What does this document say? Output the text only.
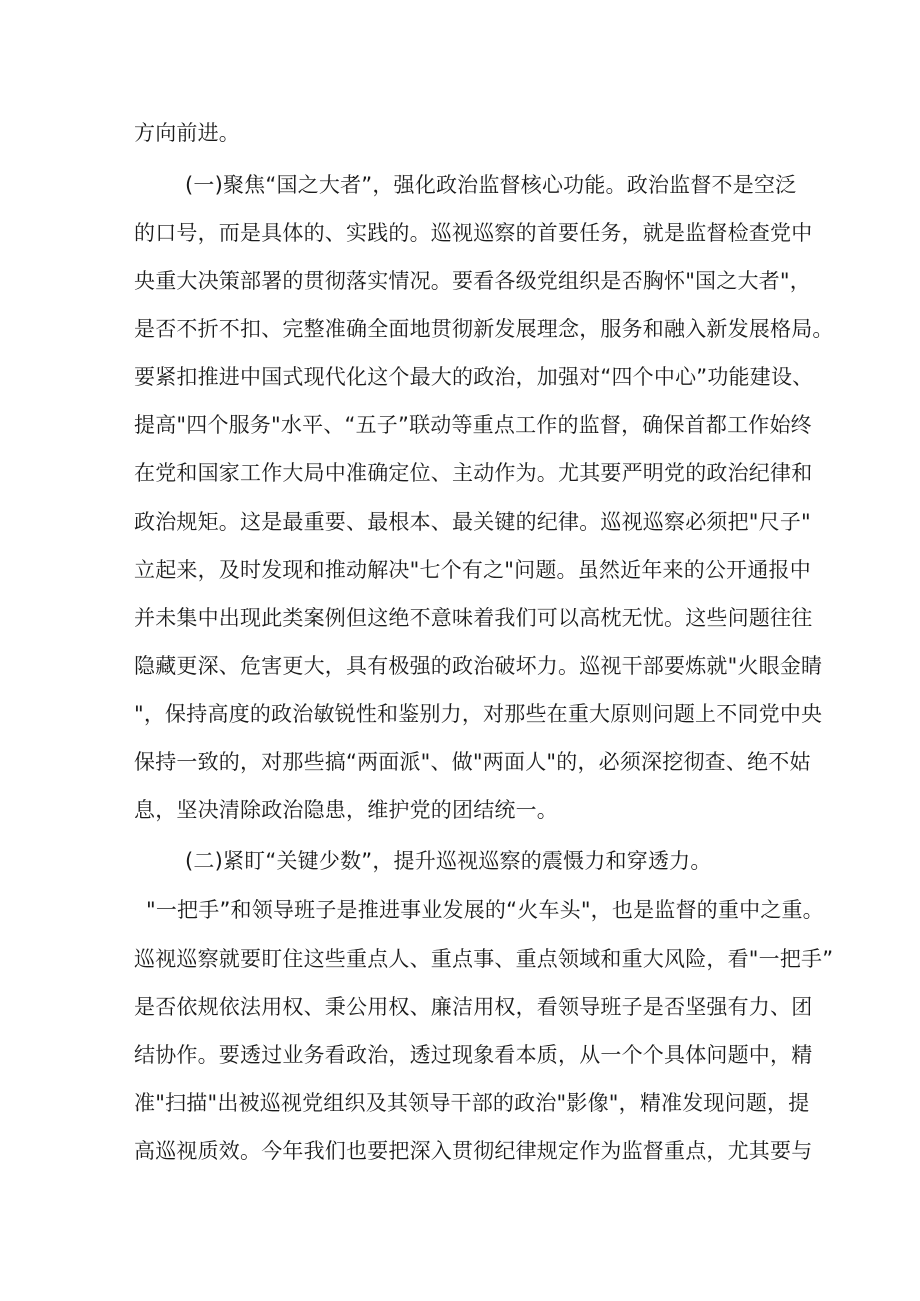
方向前进。
(一)聚焦“国之大者”，强化政治监督核心功能。政治监督不是空泛
的口号，而是具体的、实践的。巡视巡察的首要任务，就是监督检查党中
央重大决策部署的贯彻落实情况。要看各级党组织是否胸怀"国之大者"，
是否不折不扣、完整准确全面地贯彻新发展理念，服务和融入新发展格局。
要紧扣推进中国式现代化这个最大的政治，加强对“四个中心”功能建设、
提高"四个服务"水平、“五子”联动等重点工作的监督，确保首都工作始终
在党和国家工作大局中准确定位、主动作为。尤其要严明党的政治纪律和
政治规矩。这是最重要、最根本、最关键的纪律。巡视巡察必须把"尺子"
立起来，及时发现和推动解决"七个有之"问题。虽然近年来的公开通报中
并未集中出现此类案例但这绝不意味着我们可以高枕无忧。这些问题往往
隐藏更深、危害更大，具有极强的政治破坏力。巡视干部要炼就"火眼金睛
"，保持高度的政治敏锐性和鉴别力，对那些在重大原则问题上不同党中央
保持一致的，对那些搞“两面派"、做"两面人"的，必须深挖彻查、绝不姑
息，坚决清除政治隐患，维护党的团结统一。
(二)紧盯“关键少数”，提升巡视巡察的震慑力和穿透力。
"一把手”和领导班子是推进事业发展的“火车头"，也是监督的重中之重。
巡视巡察就要盯住这些重点人、重点事、重点领域和重大风险，看"一把手”
是否依规依法用权、秉公用权、廉洁用权，看领导班子是否坚强有力、团
结协作。要透过业务看政治，透过现象看本质，从一个个具体问题中，精
准"扫描"出被巡视党组织及其领导干部的政治"影像"，精准发现问题，提
高巡视质效。今年我们也要把深入贯彻纪律规定作为监督重点，尤其要与
